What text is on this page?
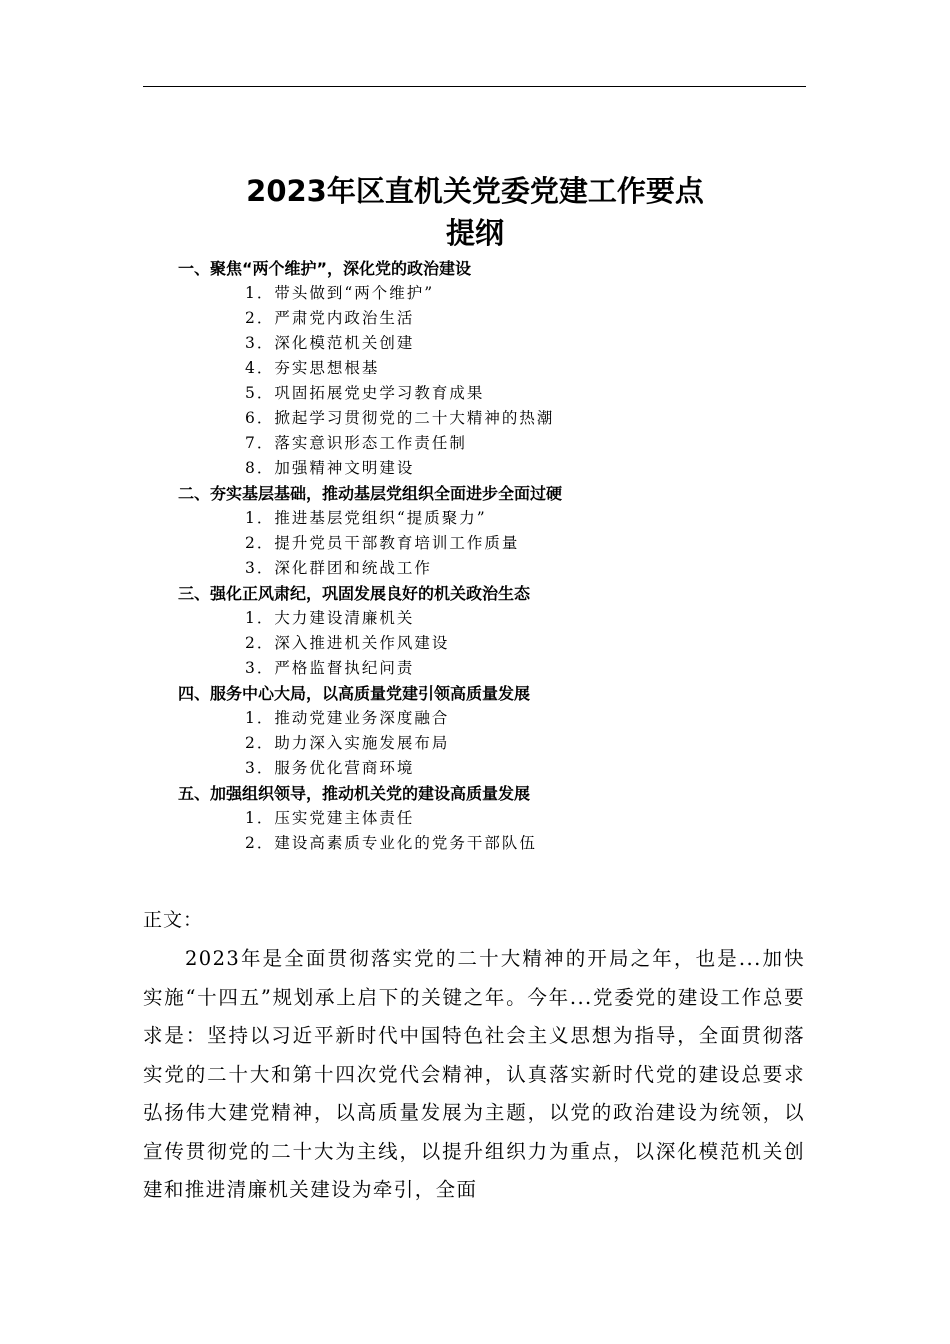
2023年区直机关党委党建工作要点
提纲
一、聚焦“两个维护”，深化党的政治建设
1．带头做到“两个维护”
2．严肃党内政治生活
3．深化模范机关创建
4．夯实思想根基
5．巩固拓展党史学习教育成果
6．掀起学习贯彻党的二十大精神的热潮
7．落实意识形态工作责任制
8．加强精神文明建设
二、夯实基层基础，推动基层党组织全面进步全面过硬
1．推进基层党组织“提质聚力”
2．提升党员干部教育培训工作质量
3．深化群团和统战工作
三、强化正风肃纪，巩固发展良好的机关政治生态
1．大力建设清廉机关
2．深入推进机关作风建设
3．严格监督执纪问责
四、服务中心大局，以高质量党建引领高质量发展
1．推动党建业务深度融合
2．助力深入实施发展布局
3．服务优化营商环境
五、加强组织领导，推动机关党的建设高质量发展
1．压实党建主体责任
2．建设高素质专业化的党务干部队伍
正文：

2023年是全面贯彻落实党的二十大精神的开局之年，也是...加快实施“十四五”规划承上启下的关键之年。今年...党委党的建设工作总要求是：坚持以习近平新时代中国特色社会主义思想为指导，全面贯彻落实党的二十大和第十四次党代会精神，认真落实新时代党的建设总要求弘扬伟大建党精神，以高质量发展为主题，以党的政治建设为统领，以宣传贯彻党的二十大为主线，以提升组织力为重点，以深化模范机关创建和推进清廉机关建设为牵引，全面
